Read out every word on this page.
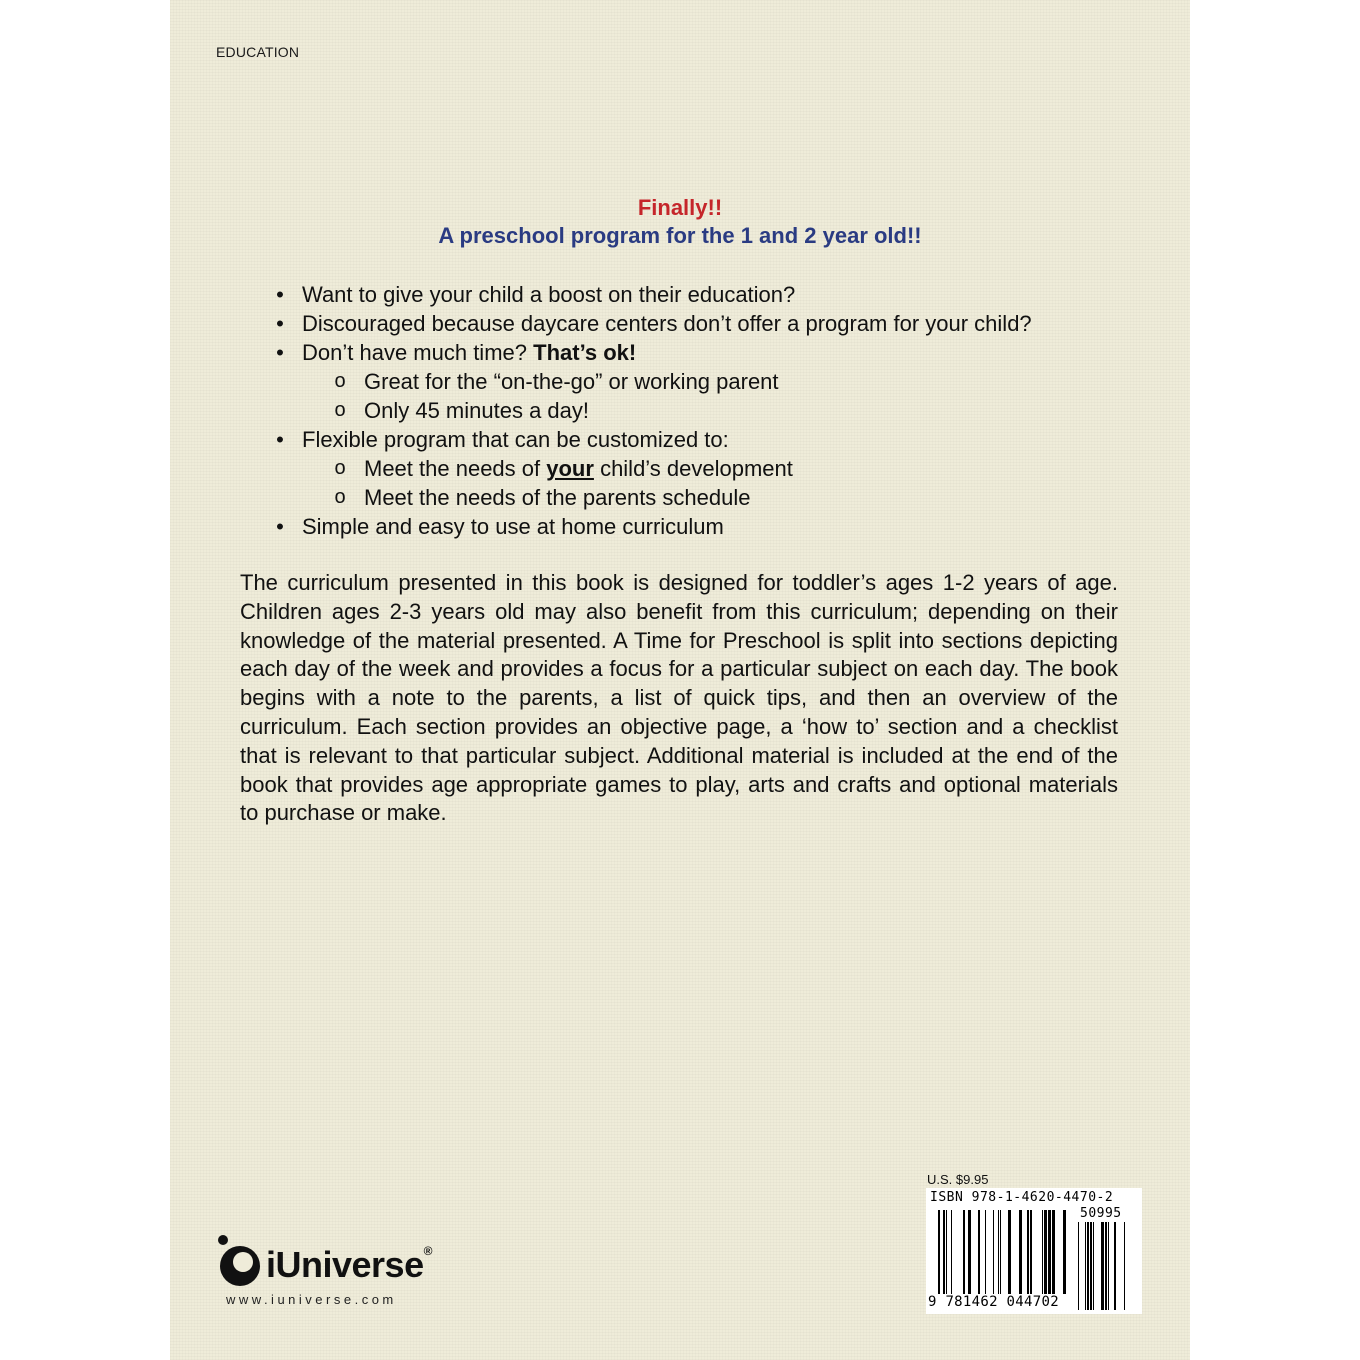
EDUCATION
Finally!!
A preschool program for the 1 and 2 year old!!
• Want to give your child a boost on their education?
• Discouraged because daycare centers don’t offer a program for your child?
• Don’t have much time? That’s ok!
o Great for the “on-the-go” or working parent
o Only 45 minutes a day!
• Flexible program that can be customized to:
o Meet the needs of your child’s development
o Meet the needs of the parents schedule
• Simple and easy to use at home curriculum

The curriculum presented in this book is designed for toddler’s ages 1-2 years of age. Children ages 2-3 years old may also benefit from this curriculum; depending on their knowledge of the material presented. A Time for Preschool is split into sections depicting each day of the week and provides a focus for a particular subject on each day. The book begins with a note to the parents, a list of quick tips, and then an overview of the curriculum. Each section provides an objective page, a ‘how to’ section and a checklist that is relevant to that particular subject. Additional material is included at the end of the book that provides age appropriate games to play, arts and crafts and optional materials to purchase or make.

iUniverse®
www.iuniverse.com
U.S. $9.95
ISBN 978-1-4620-4470-2
50995
9 781462 044702
